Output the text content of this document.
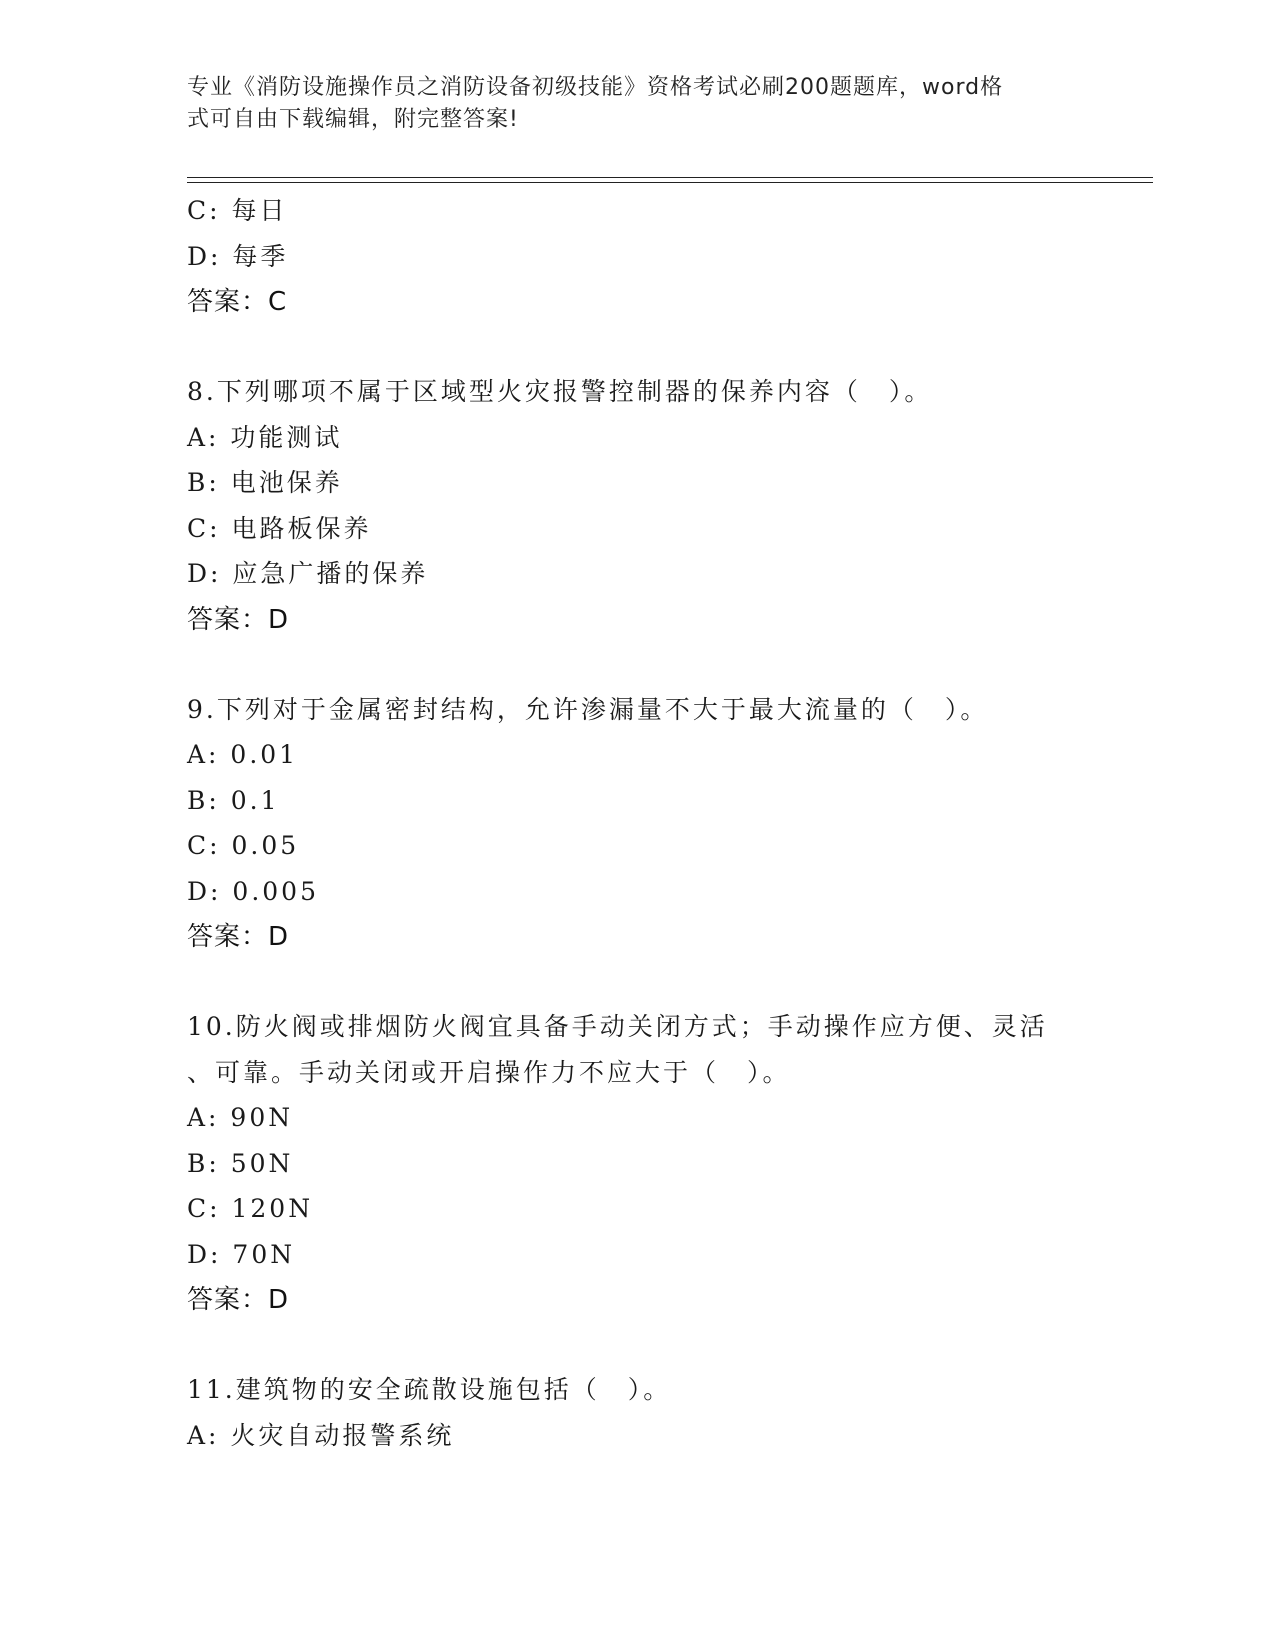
专业《消防设施操作员之消防设备初级技能》资格考试必刷200题题库，word格
式可自由下载编辑，附完整答案!
C: 每日
D: 每季
答案：C
8.下列哪项不属于区域型火灾报警控制器的保养内容（　）。
A: 功能测试
B: 电池保养
C: 电路板保养
D: 应急广播的保养
答案：D
9.下列对于金属密封结构，允许渗漏量不大于最大流量的（　）。
A: 0.01
B: 0.1
C: 0.05
D: 0.005
答案：D
10.防火阀或排烟防火阀宜具备手动关闭方式；手动操作应方便、灵活
、可靠。手动关闭或开启操作力不应大于（　）。
A: 90N
B: 50N
C: 120N
D: 70N
答案：D
11.建筑物的安全疏散设施包括（　）。
A: 火灾自动报警系统
